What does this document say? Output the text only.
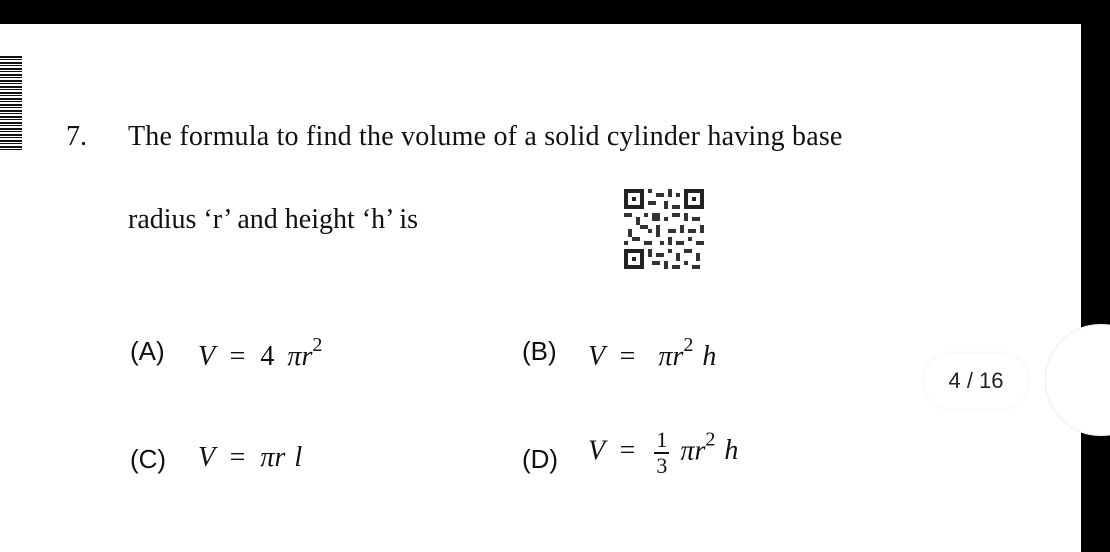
7. The formula to find the volume of a solid cylinder having base
radius ‘r’ and height ‘h’ is
(A) V = 4 $\pi r^2$	(B) $V = \pi r^2$ h
(C) V = πr l	(D) $V = \frac{1}{3} \pi r^2$ h
4 / 16
